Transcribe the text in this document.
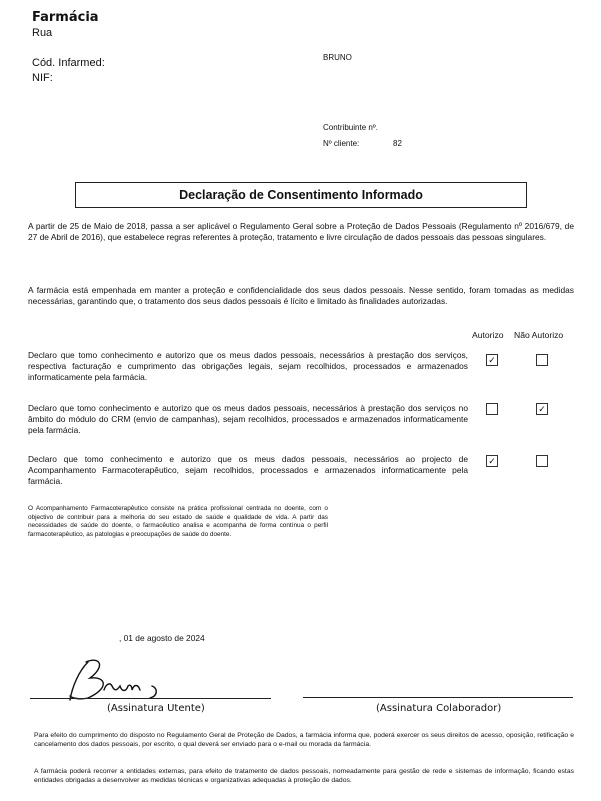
Farmácia
Rua
Cód. Infarmed:
NIF:
BRUNO
Contribuinte nº.
Nº cliente:	82
Declaração de Consentimento Informado
A partir de 25 de Maio de 2018, passa a ser aplicável o Regulamento Geral sobre a Proteção de Dados Pessoais (Regulamento nº 2016/679, de 27 de Abril de 2016), que estabelece regras referentes à proteção, tratamento e livre circulação de dados pessoais das pessoas singulares.
A farmácia está empenhada em manter a proteção e confidencialidade dos seus dados pessoais. Nesse sentido, foram tomadas as medidas necessárias, garantindo que, o tratamento dos seus dados pessoais é lícito e limitado às finalidades autorizadas.
Autorizo Não Autorizo
Declaro que tomo conhecimento e autorizo que os meus dados pessoais, necessários à prestação dos serviços, respectiva facturação e cumprimento das obrigações legais, sejam recolhidos, processados e armazenados informaticamente pela farmácia.
✓
Declaro que tomo conhecimento e autorizo que os meus dados pessoais, necessários à prestação dos serviços no âmbito do módulo do CRM (envio de campanhas), sejam recolhidos, processados e armazenados informaticamente pela farmácia.
✓
Declaro que tomo conhecimento e autorizo que os meus dados pessoais, necessários ao projecto de Acompanhamento Farmacoterapêutico, sejam recolhidos, processados e armazenados informaticamente pela farmácia.
✓
O Acompanhamento Farmacoterapêutico consiste na prática profissional centrada no doente, com o objectivo de contribuir para a melhoria do seu estado de saúde e qualidade de vida. A partir das necessidades de saúde do doente, o farmacêutico analisa e acompanha de forma contínua o perfil farmacoterapêutico, as patologias e preocupações de saúde do doente.
, 01 de agosto de 2024
(Assinatura Utente)	(Assinatura Colaborador)
Para efeito do cumprimento do disposto no Regulamento Geral de Proteção de Dados, a farmácia informa que, poderá exercer os seus direitos de acesso, oposição, retificação e cancelamento dos dados pessoais, por escrito, o qual deverá ser enviado para o e-mail ou morada da farmácia.
A farmácia poderá recorrer a entidades externas, para efeito de tratamento de dados pessoais, nomeadamente para gestão de rede e sistemas de informação, ficando estas entidades obrigadas a desenvolver as medidas técnicas e organizativas adequadas à proteção de dados.
